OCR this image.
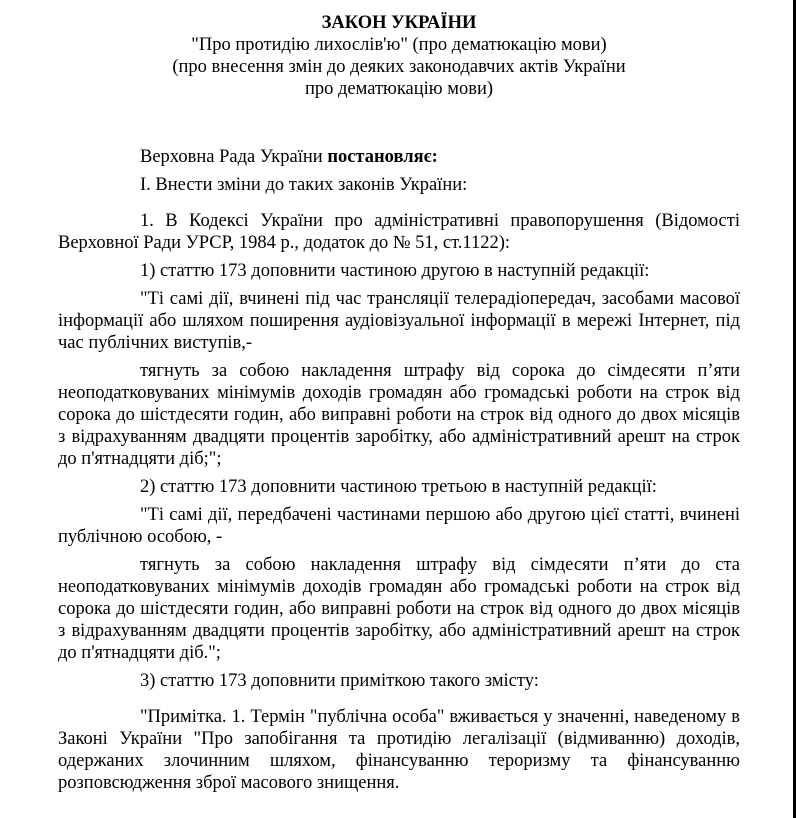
ЗАКОН УКРАЇНИ

"Про протидію лихослів'ю" (про дематюкацію мови)

(про внесення змін до деяких законодавчих актів України

про дематюкацію мови)

Верховна Рада України постановляє:

І. Внести зміни до таких законів України:

1. В Кодексі України про адміністративні правопорушення (Відомості Верховної Ради УРСР, 1984 р., додаток до № 51, ст.1122):

1) статтю 173 доповнити частиною другою в наступній редакції:

"Ті самі дії, вчинені під час трансляції телерадіопередач, засобами масової інформації або шляхом поширення аудіовізуальної інформації в мережі Інтернет, під час публічних виступів,-

тягнуть за собою накладення штрафу від сорока до сімдесяти п’яти неоподатковуваних мінімумів доходів громадян або громадські роботи на строк від сорока до шістдесяти годин, або виправні роботи на строк від одного до двох місяців з відрахуванням двадцяти процентів заробітку, або адміністративний арешт на строк до п'ятнадцяти діб;";

2) статтю 173 доповнити частиною третьою в наступній редакції:

"Ті самі дії, передбачені частинами першою або другою цієї статті, вчинені публічною особою, -

тягнуть за собою накладення штрафу від сімдесяти п’яти до ста неоподатковуваних мінімумів доходів громадян або громадські роботи на строк від сорока до шістдесяти годин, або виправні роботи на строк від одного до двох місяців з відрахуванням двадцяти процентів заробітку, або адміністративний арешт на строк до п'ятнадцяти діб.";

3) статтю 173 доповнити приміткою такого змісту:

"Примітка. 1. Термін "публічна особа" вживається у значенні, наведеному в Законі України "Про запобігання та протидію легалізації (відмиванню) доходів, одержаних злочинним шляхом, фінансуванню тероризму та фінансуванню розповсюдження зброї масового знищення.
